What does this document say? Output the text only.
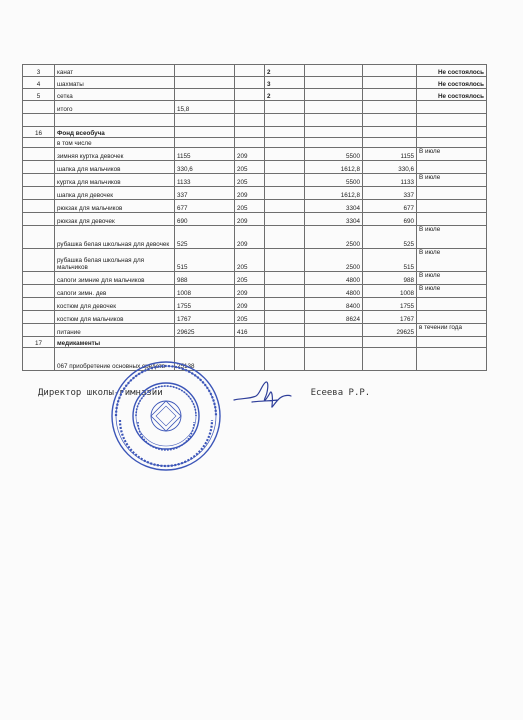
3	канат			2			Не состоялось
4	шахматы			3			Не состоялось
5	сетка			2			Не состоялось
	итого	15,8					

16	Фонд всеобуча						
	в том числе						
	зимняя куртка девочек	1155	209		5500	1155	В июле
	шапка для мальчиков	330,6	205		1612,8	330,6	
	куртка для мальчиков	1133	205		5500	1133	В июле
	шапка для девочек	337	209		1612,8	337	
	рюкзак для мальчиков	677	205		3304	677	
	рюкзак для девочек	690	209		3304	690	
	рубашка белая школьная для девочек	525	209		2500	525	В июле
	рубашка белая школьная для мальчиков	515	205		2500	515	В июле
	сапоги зимние для мальчиков	988	205		4800	988	В июле
	сапоги зимн. дев	1008	209		4800	1008	В июле
	костюм для девочек	1755	209		8400	1755	
	костюм для мальчиков	1767	205		8624	1767	
	питание	29625	416			29625	в течении года
17	медикаменты						
	067 приобретение основных средств	25138					
Директор школы-гимназии	Есеева Р.Р.
